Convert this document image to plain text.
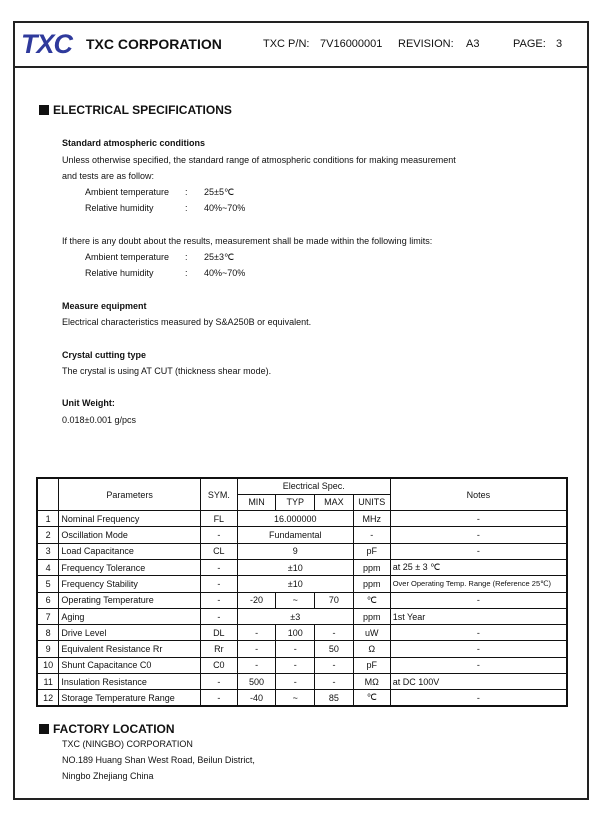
TXC TXC CORPORATION	TXC P/N: 7V16000001 REVISION: A3	PAGE: 3
ELECTRICAL SPECIFICATIONS
Standard atmospheric conditions
Unless otherwise specified, the standard range of atmospheric conditions for making measurement
and tests are as follow:
Ambient temperature : 25±5℃
Relative humidity	: 40%~70%
If there is any doubt about the results, measurement shall be made within the following limits:
Ambient temperature : 25±3℃
Relative humidity	: 40%~70%
Measure equipment
Electrical characteristics measured by S&A250B or equivalent.
Crystal cutting type
The crystal is using AT CUT (thickness shear mode).
Unit Weight:
0.018±0.001 g/pcs
	Parameters	SYM.	Electrical Spec.				Notes
			MIN	TYP	MAX	UNITS	
1	Nominal Frequency	FL	16.000000			MHz	-
2	Oscillation Mode	-	Fundamental			-	-
3	Load Capacitance	CL	9			pF	-
4	Frequency Tolerance	-	±10			ppm	at 25 ± 3 ℃
5	Frequency Stability	-	±10			ppm	Over Operating Temp. Range (Reference 25℃)
6	Operating Temperature	-	-20	~	70	℃	-
7	Aging	-	±3			ppm	1st Year
8	Drive Level	DL	-	100	-	uW	-
9	Equivalent Resistance Rr	Rr	-	-	50	Ω	-
10	Shunt Capacitance C0	C0	-	-	-	pF	-
11	Insulation Resistance	-	500	-	-	MΩ	at DC 100V
12	Storage Temperature Range	-	-40	~	85	℃	-
FACTORY LOCATION
TXC (NINGBO) CORPORATION
NO.189 Huang Shan West Road, Beilun District,
Ningbo Zhejiang China
